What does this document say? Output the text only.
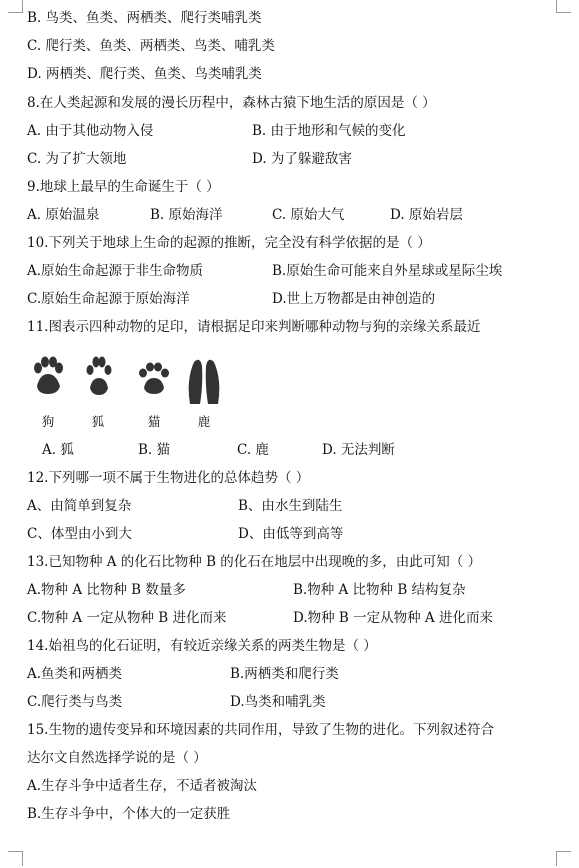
B. 鸟类、鱼类、两栖类、爬行类哺乳类
C. 爬行类、鱼类、两栖类、鸟类、哺乳类
D. 两栖类、爬行类、鱼类、鸟类哺乳类
8.在人类起源和发展的漫长历程中，森林古猿下地生活的原因是（ ）
A. 由于其他动物入侵	B. 由于地形和气候的变化
C. 为了扩大领地	D. 为了躲避敌害
9.地球上最早的生命诞生于（ ）
A. 原始温泉	B. 原始海洋	C. 原始大气	D. 原始岩层
10.下列关于地球上生命的起源的推断，完全没有科学依据的是（ ）
A.原始生命起源于非生命物质	B.原始生命可能来自外星球或星际尘埃
C.原始生命起源于原始海洋	D.世上万物都是由神创造的
11.图表示四种动物的足印，请根据足印来判断哪种动物与狗的亲缘关系最近
狗	狐	猫	鹿
A. 狐	B. 猫	C. 鹿	D. 无法判断
12.下列哪一项不属于生物进化的总体趋势（ ）
A、由简单到复杂	B、由水生到陆生
C、体型由小到大	D、由低等到高等
13.已知物种 A 的化石比物种 B 的化石在地层中出现晚的多，由此可知（ ）
A.物种 A 比物种 B 数量多	B.物种 A 比物种 B 结构复杂
C.物种 A 一定从物种 B 进化而来	D.物种 B 一定从物种 A 进化而来
14.始祖鸟的化石证明，有较近亲缘关系的两类生物是（ ）
A.鱼类和两栖类	B.两栖类和爬行类
C.爬行类与鸟类	D.鸟类和哺乳类
15.生物的遗传变异和环境因素的共同作用，导致了生物的进化。下列叙述符合
达尔文自然选择学说的是（ ）
A.生存斗争中适者生存，不适者被淘汰
B.生存斗争中，个体大的一定获胜
